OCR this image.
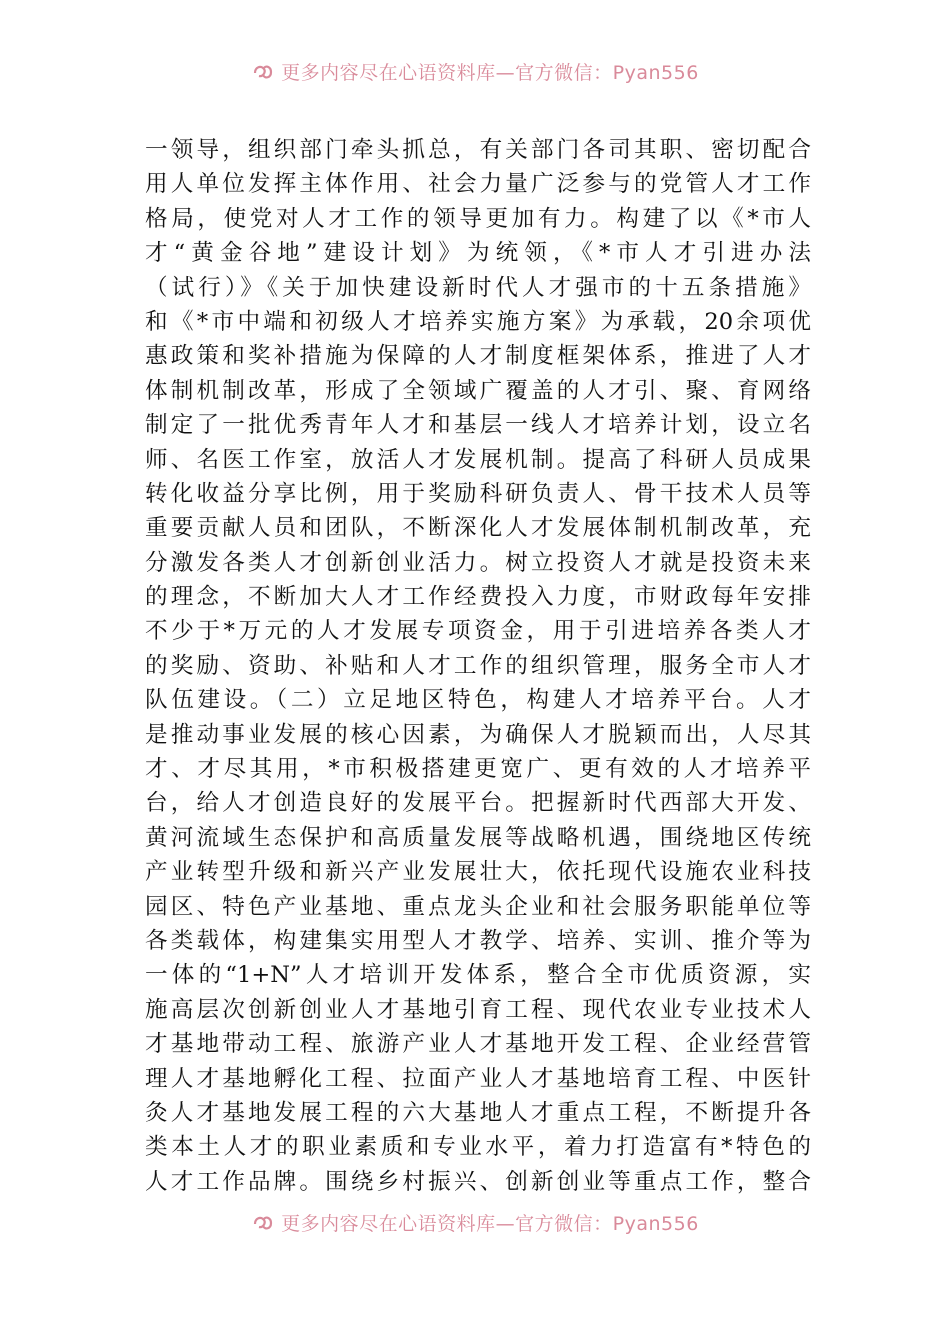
更多内容尽在心语资料库—官方微信：Pyan556
一领导，组织部门牵头抓总，有关部门各司其职、密切配合
用人单位发挥主体作用、社会力量广泛参与的党管人才工作
格局，使党对人才工作的领导更加有力。构建了以《*市人
才“黄金谷地”建设计划》为统领，《*市人才引进办法
（试行）》《关于加快建设新时代人才强市的十五条措施》
和《*市中端和初级人才培养实施方案》为承载，20余项优
惠政策和奖补措施为保障的人才制度框架体系，推进了人才
体制机制改革，形成了全领域广覆盖的人才引、聚、育网络
制定了一批优秀青年人才和基层一线人才培养计划，设立名
师、名医工作室，放活人才发展机制。提高了科研人员成果
转化收益分享比例，用于奖励科研负责人、骨干技术人员等
重要贡献人员和团队，不断深化人才发展体制机制改革，充
分激发各类人才创新创业活力。树立投资人才就是投资未来
的理念，不断加大人才工作经费投入力度，市财政每年安排
不少于*万元的人才发展专项资金，用于引进培养各类人才
的奖励、资助、补贴和人才工作的组织管理，服务全市人才
队伍建设。（二）立足地区特色，构建人才培养平台。人才
是推动事业发展的核心因素，为确保人才脱颖而出，人尽其
才、才尽其用，*市积极搭建更宽广、更有效的人才培养平
台，给人才创造良好的发展平台。把握新时代西部大开发、
黄河流域生态保护和高质量发展等战略机遇，围绕地区传统
产业转型升级和新兴产业发展壮大，依托现代设施农业科技
园区、特色产业基地、重点龙头企业和社会服务职能单位等
各类载体，构建集实用型人才教学、培养、实训、推介等为
一体的“1+N”人才培训开发体系，整合全市优质资源，实
施高层次创新创业人才基地引育工程、现代农业专业技术人
才基地带动工程、旅游产业人才基地开发工程、企业经营管
理人才基地孵化工程、拉面产业人才基地培育工程、中医针
灸人才基地发展工程的六大基地人才重点工程，不断提升各
类本土人才的职业素质和专业水平，着力打造富有*特色的
人才工作品牌。围绕乡村振兴、创新创业等重点工作，整合
更多内容尽在心语资料库—官方微信：Pyan556
